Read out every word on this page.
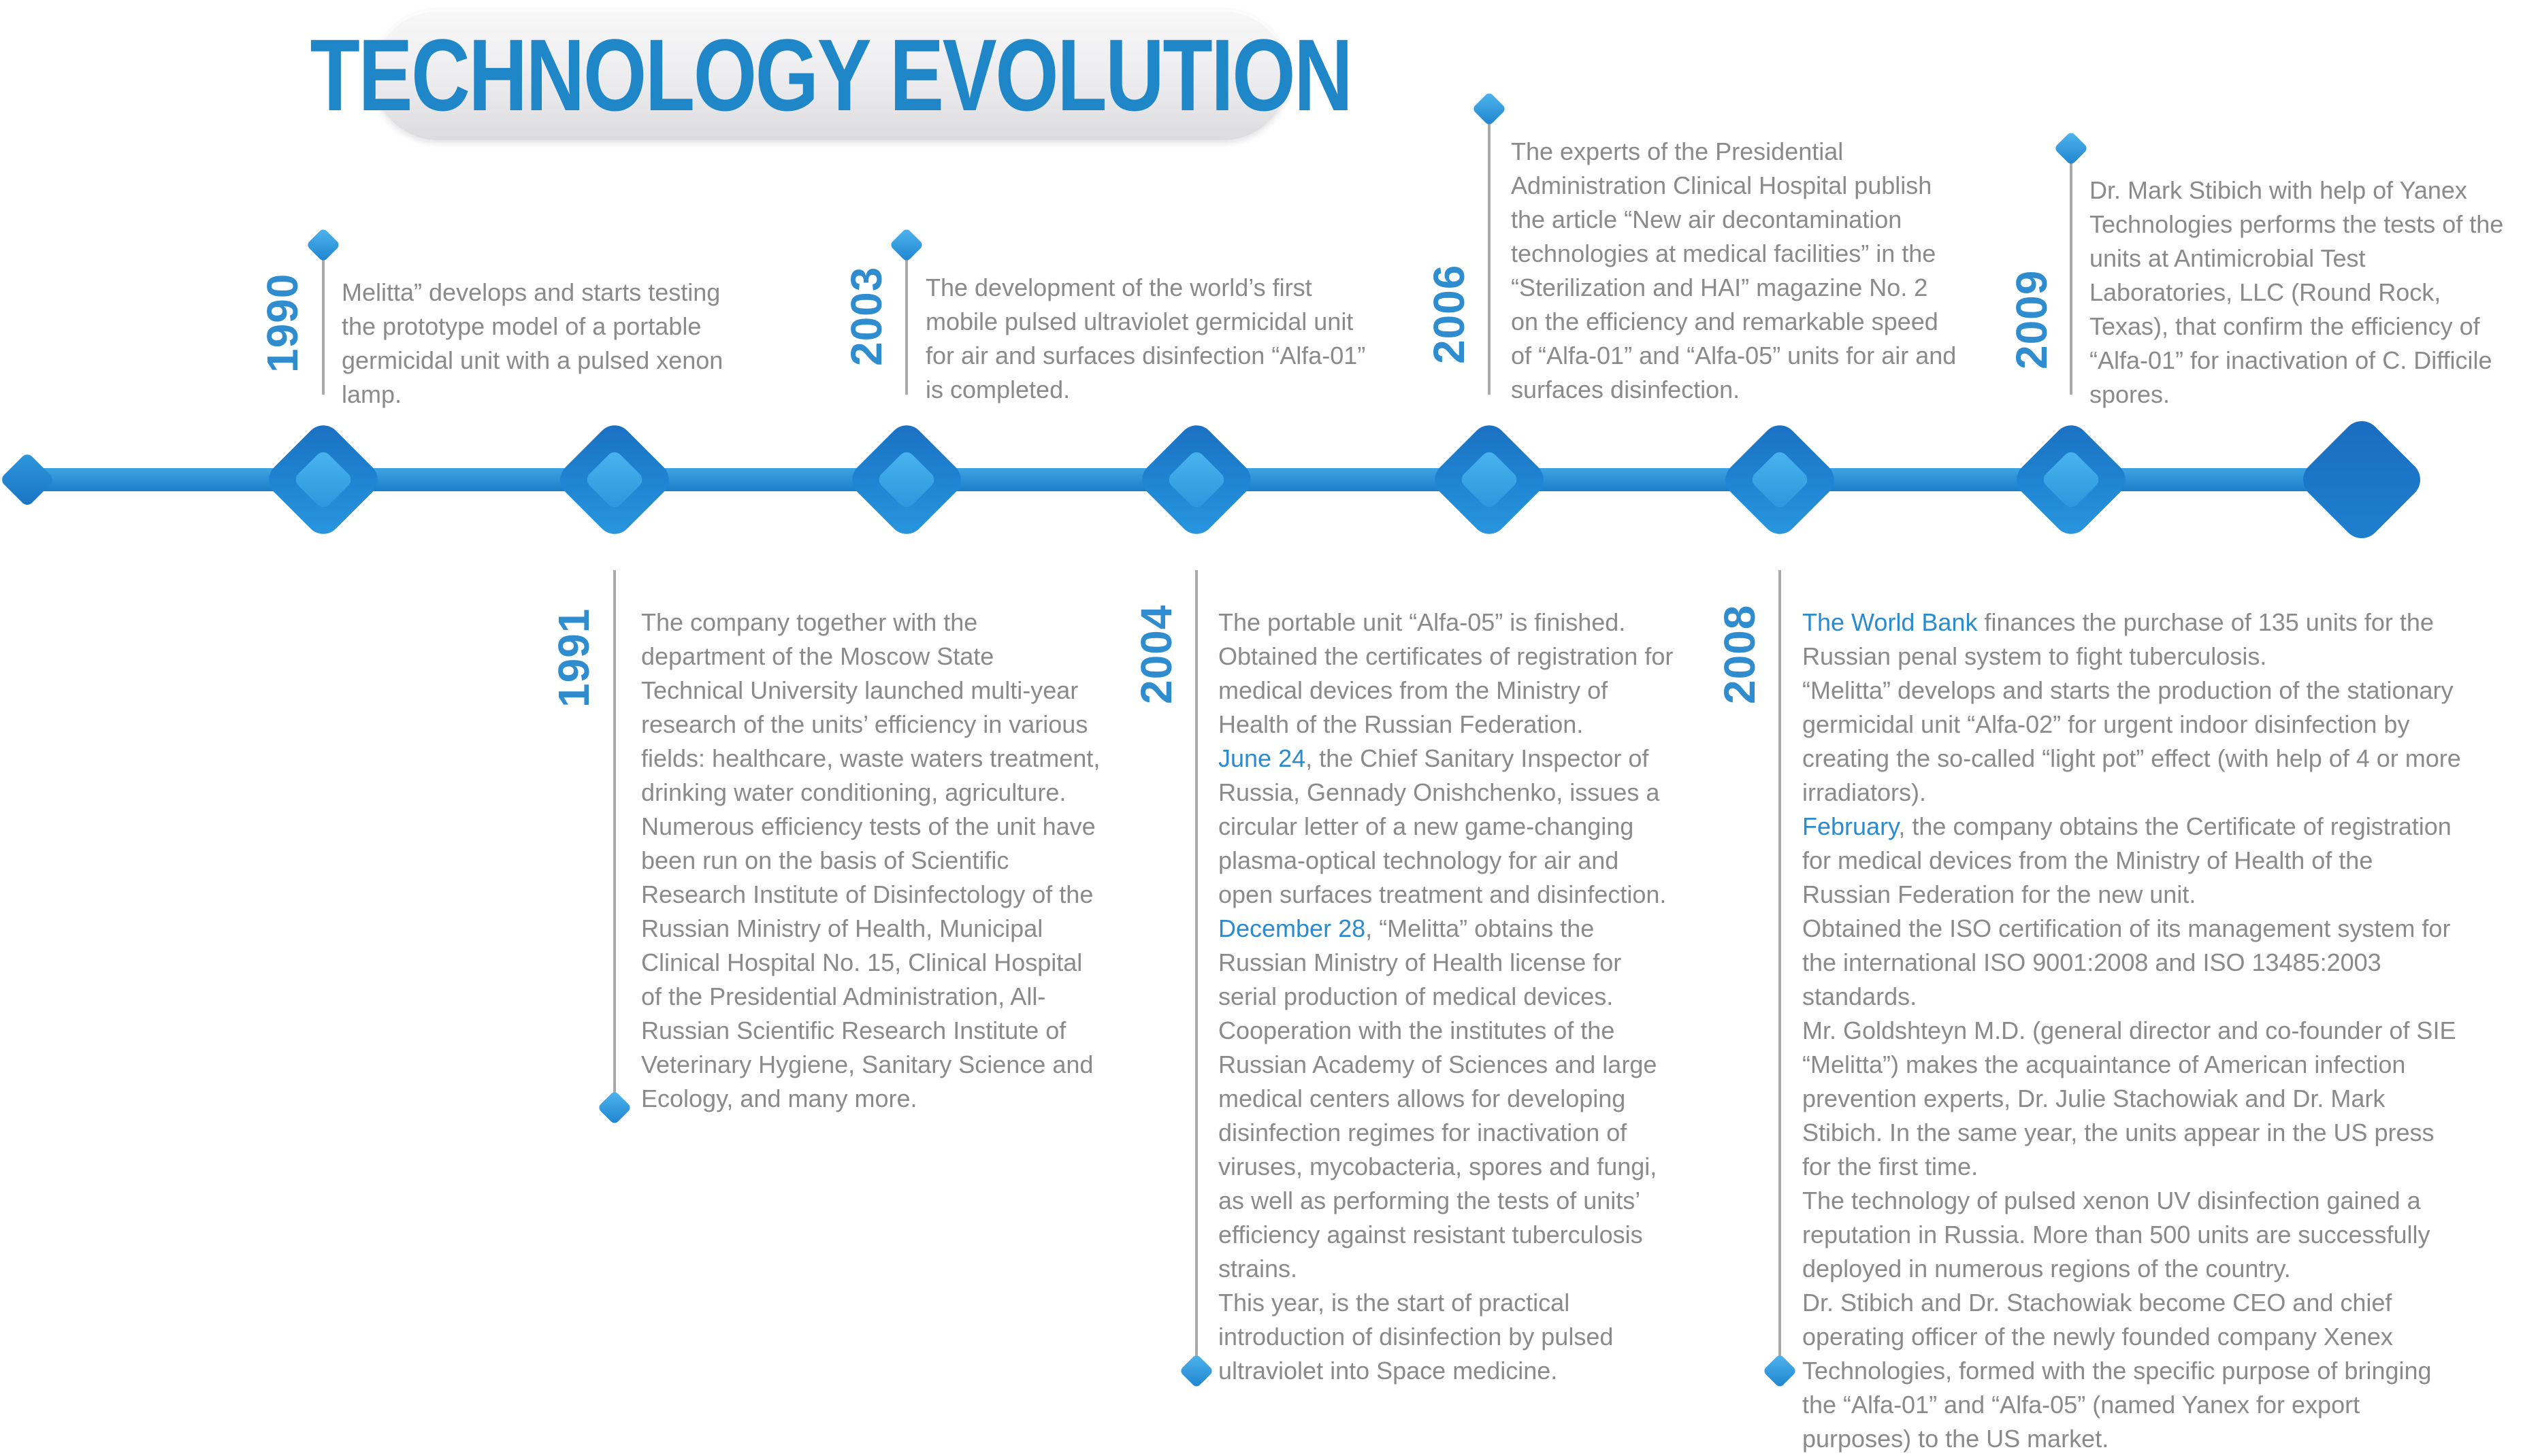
TECHNOLOGY EVOLUTION
1990 Melitta” develops and starts testing the prototype model of a portable germicidal unit with a pulsed xenon lamp.

2003 The development of the world’s first mobile pulsed ultraviolet germicidal unit for air and surfaces disinfection “Alfa-01” is completed.

2006

The experts of the Presidential Administration Clinical Hospital publish the article “New air decontamination technologies at medical facilities” in the “Sterilization and HAI” magazine No. 2 on the efficiency and remarkable speed of “Alfa-01” and “Alfa-05” units for air and surfaces disinfection.

2009

Dr. Mark Stibich with help of Yanex Technologies performs the tests of the units at Antimicrobial Test Laboratories, LLC (Round Rock, Texas), that confirm the efficiency of “Alfa-01” for inactivation of C. Difficile spores.

1991 The company together with the department of the Moscow State Technical University launched multi-year research of the units’ efficiency in various fields: healthcare, waste waters treatment, drinking water conditioning, agriculture.

Numerous efficiency tests of the unit have been run on the basis of Scientific Research Institute of Disinfectology of the Russian Ministry of Health, Municipal Clinical Hospital No. 15, Clinical Hospital of the Presidential Administration, All-Russian Scientific Research Institute of Veterinary Hygiene, Sanitary Science and Ecology, and many more.

2004 The portable unit “Alfa-05” is finished.

Obtained the certificates of registration for medical devices from the Ministry of Health of the Russian Federation.

June 24, the Chief Sanitary Inspector of Russia, Gennady Onishchenko, issues a circular letter of a new game-changing plasma-optical technology for air and open surfaces treatment and disinfection.

December 28, “Melitta” obtains the Russian Ministry of Health license for serial production of medical devices.

Cooperation with the institutes of the Russian Academy of Sciences and large medical centers allows for developing disinfection regimes for inactivation of viruses, mycobacteria, spores and fungi, as well as performing the tests of units’ efficiency against resistant tuberculosis strains.

This year, is the start of practical introduction of disinfection by pulsed ultraviolet into Space medicine.

2008 The World Bank finances the purchase of 135 units for the Russian penal system to fight tuberculosis.

“Melitta” develops and starts the production of the stationary germicidal unit “Alfa-02” for urgent indoor disinfection by creating the so-called “light pot” effect (with help of 4 or more irradiators).

February, the company obtains the Certificate of registration for medical devices from the Ministry of Health of the Russian Federation for the new unit.

Obtained the ISO certification of its management system for the international ISO 9001:2008 and ISO 13485:2003 standards.

Mr. Goldshteyn M.D. (general director and co-founder of SIE “Melitta”) makes the acquaintance of American infection prevention experts, Dr. Julie Stachowiak and Dr. Mark Stibich. In the same year, the units appear in the US press for the first time.

The technology of pulsed xenon UV disinfection gained a reputation in Russia. More than 500 units are successfully deployed in numerous regions of the country.

Dr. Stibich and Dr. Stachowiak become CEO and chief operating officer of the newly founded company Xenex Technologies, formed with the specific purpose of bringing the “Alfa-01” and “Alfa-05” (named Yanex for export purposes) to the US market.
